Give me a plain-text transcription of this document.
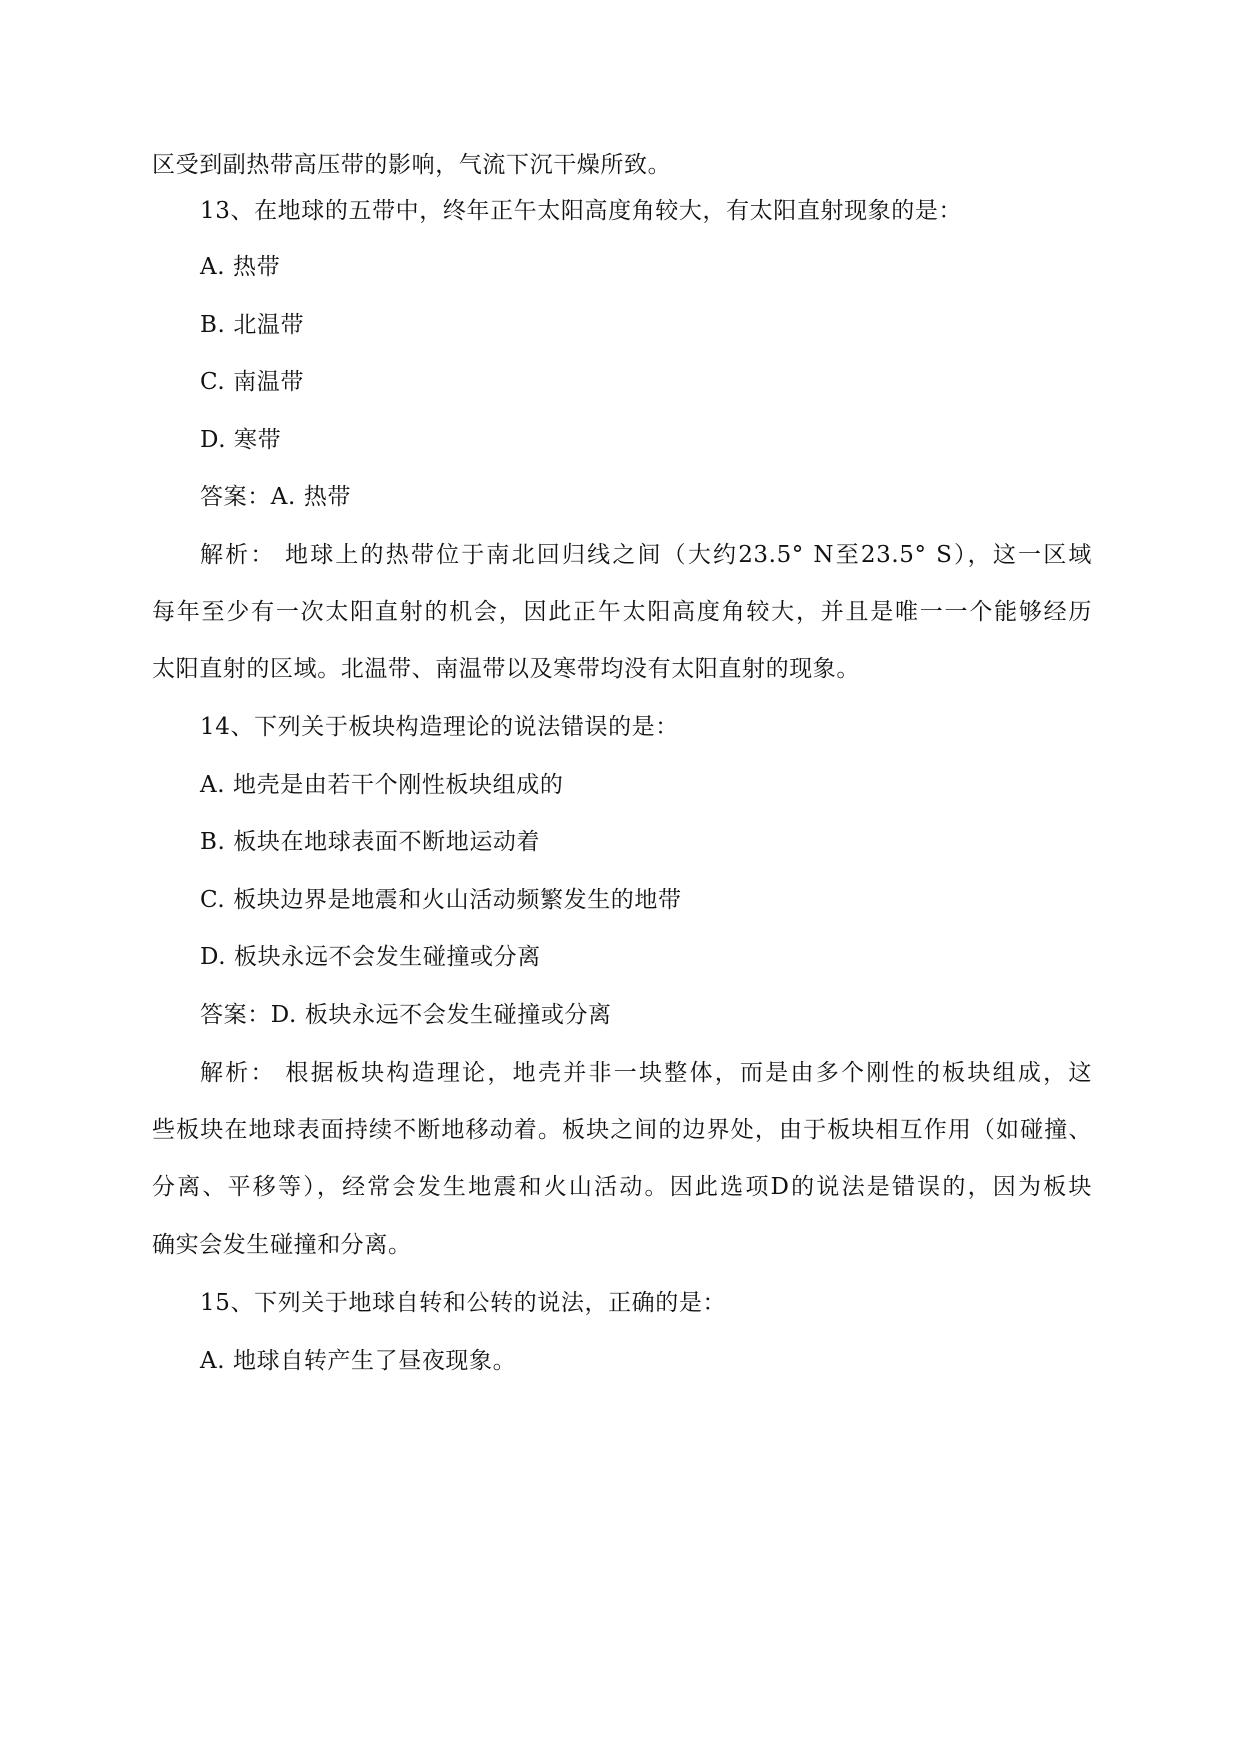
区受到副热带高压带的影响，气流下沉干燥所致。
13、在地球的五带中，终年正午太阳高度角较大，有太阳直射现象的是：
A. 热带
B. 北温带
C. 南温带
D. 寒带
答案：A. 热带
解析： 地球上的热带位于南北回归线之间（大约23.5° N至23.5° S），这一区域
每年至少有一次太阳直射的机会，因此正午太阳高度角较大，并且是唯一一个能够经历
太阳直射的区域。北温带、南温带以及寒带均没有太阳直射的现象。
14、下列关于板块构造理论的说法错误的是：
A. 地壳是由若干个刚性板块组成的
B. 板块在地球表面不断地运动着
C. 板块边界是地震和火山活动频繁发生的地带
D. 板块永远不会发生碰撞或分离
答案：D. 板块永远不会发生碰撞或分离
解析： 根据板块构造理论，地壳并非一块整体，而是由多个刚性的板块组成，这
些板块在地球表面持续不断地移动着。板块之间的边界处，由于板块相互作用（如碰撞、
分离、平移等），经常会发生地震和火山活动。因此选项D的说法是错误的，因为板块
确实会发生碰撞和分离。
15、下列关于地球自转和公转的说法，正确的是：
A. 地球自转产生了昼夜现象。
